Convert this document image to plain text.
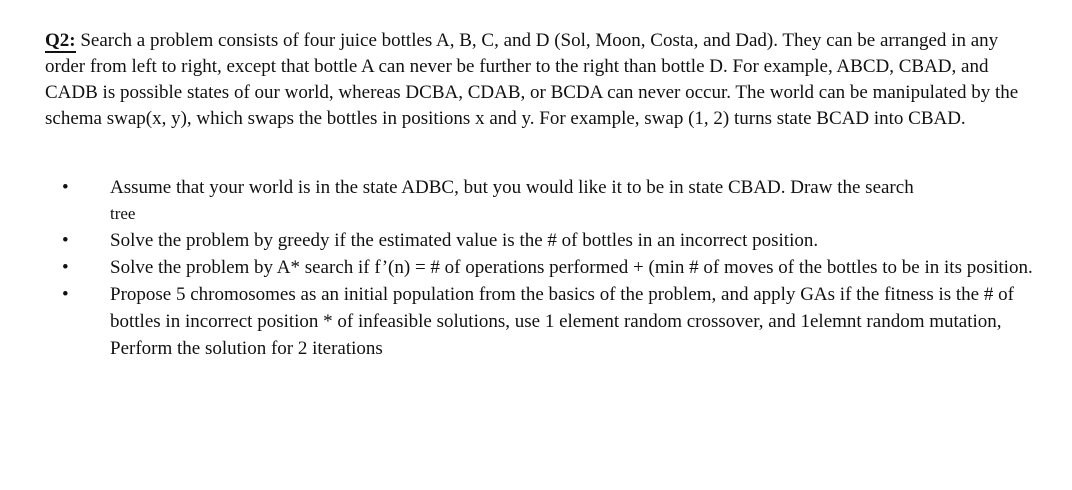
Q2: Search a problem consists of four juice bottles A, B, C, and D (Sol, Moon, Costa, and Dad). They can be arranged in any order from left to right, except that bottle A can never be further to the right than bottle D. For example, ABCD, CBAD, and CADB is possible states of our world, whereas DCBA, CDAB, or BCDA can never occur. The world can be manipulated by the schema swap(x, y), which swaps the bottles in positions x and y. For example, swap (1, 2) turns state BCAD into CBAD.

• Assume that your world is in the state ADBC, but you would like it to be in state CBAD. Draw the search
tree
• Solve the problem by greedy if the estimated value is the # of bottles in an incorrect position.
• Solve the problem by A* search if f’(n) = # of operations performed + (min # of moves of the bottles to be in its position.
• Propose 5 chromosomes as an initial population from the basics of the problem, and apply GAs if the fitness is the # of bottles in incorrect position * of infeasible solutions, use 1 element random crossover, and 1elemnt random mutation, Perform the solution for 2 iterations
